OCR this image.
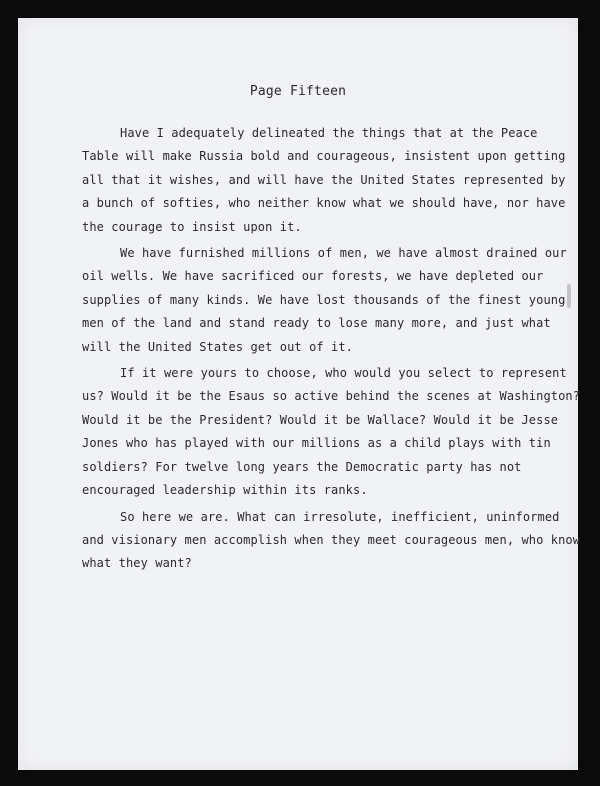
Page Fifteen
Have I adequately delineated the things that at the Peace
Table will make Russia bold and courageous, insistent upon getting
all that it wishes, and will have the United States represented by
a bunch of softies, who neither know what we should have, nor have
the courage to insist upon it.
We have furnished millions of men, we have almost drained our
oil wells. We have sacrificed our forests, we have depleted our
supplies of many kinds. We have lost thousands of the finest young
men of the land and stand ready to lose many more, and just what
will the United States get out of it.
If it were yours to choose, who would you select to represent
us? Would it be the Esaus so active behind the scenes at Washington?
Would it be the President? Would it be Wallace? Would it be Jesse
Jones who has played with our millions as a child plays with tin
soldiers? For twelve long years the Democratic party has not
encouraged leadership within its ranks.
So here we are. What can irresolute, inefficient, uninformed
and visionary men accomplish when they meet courageous men, who know
what they want?
